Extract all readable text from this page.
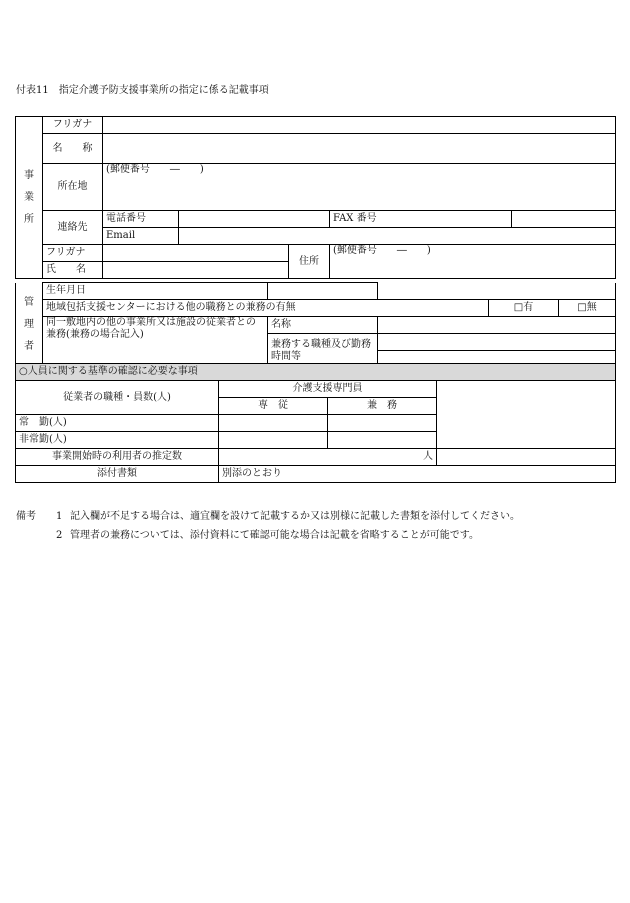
付表11　指定介護予防支援事業所の指定に係る記載事項
事
業
所	フリガナ					
	名　　称					
	所在地	(郵便番号　　―　　)				
	連絡先	電話番号			FAX 番号	
		Email				
	フリガナ			住所	(郵便番号　　―　　)	
	氏　　名					
管
理
者	生年月日				
	地域包括支援センターにおける他の職務との兼務の有無			□有	□無
	同一敷地内の他の事業所又は施設の従業者との兼務(兼務の場合記入)	名称			
		兼務する職種及び勤務時間等			

○人員に関する基準の確認に必要な事項			
従業者の職種・員数(人)	介護支援専門員		
	専　従	兼　務	
常　勤(人)			
非常勤(人)			
事業開始時の利用者の推定数	人		
添付書類	別添のとおり		
備考	1 記入欄が不足する場合は、適宜欄を設けて記載するか又は別様に記載した書類を添付してください。
2 管理者の兼務については、添付資料にて確認可能な場合は記載を省略することが可能です。
